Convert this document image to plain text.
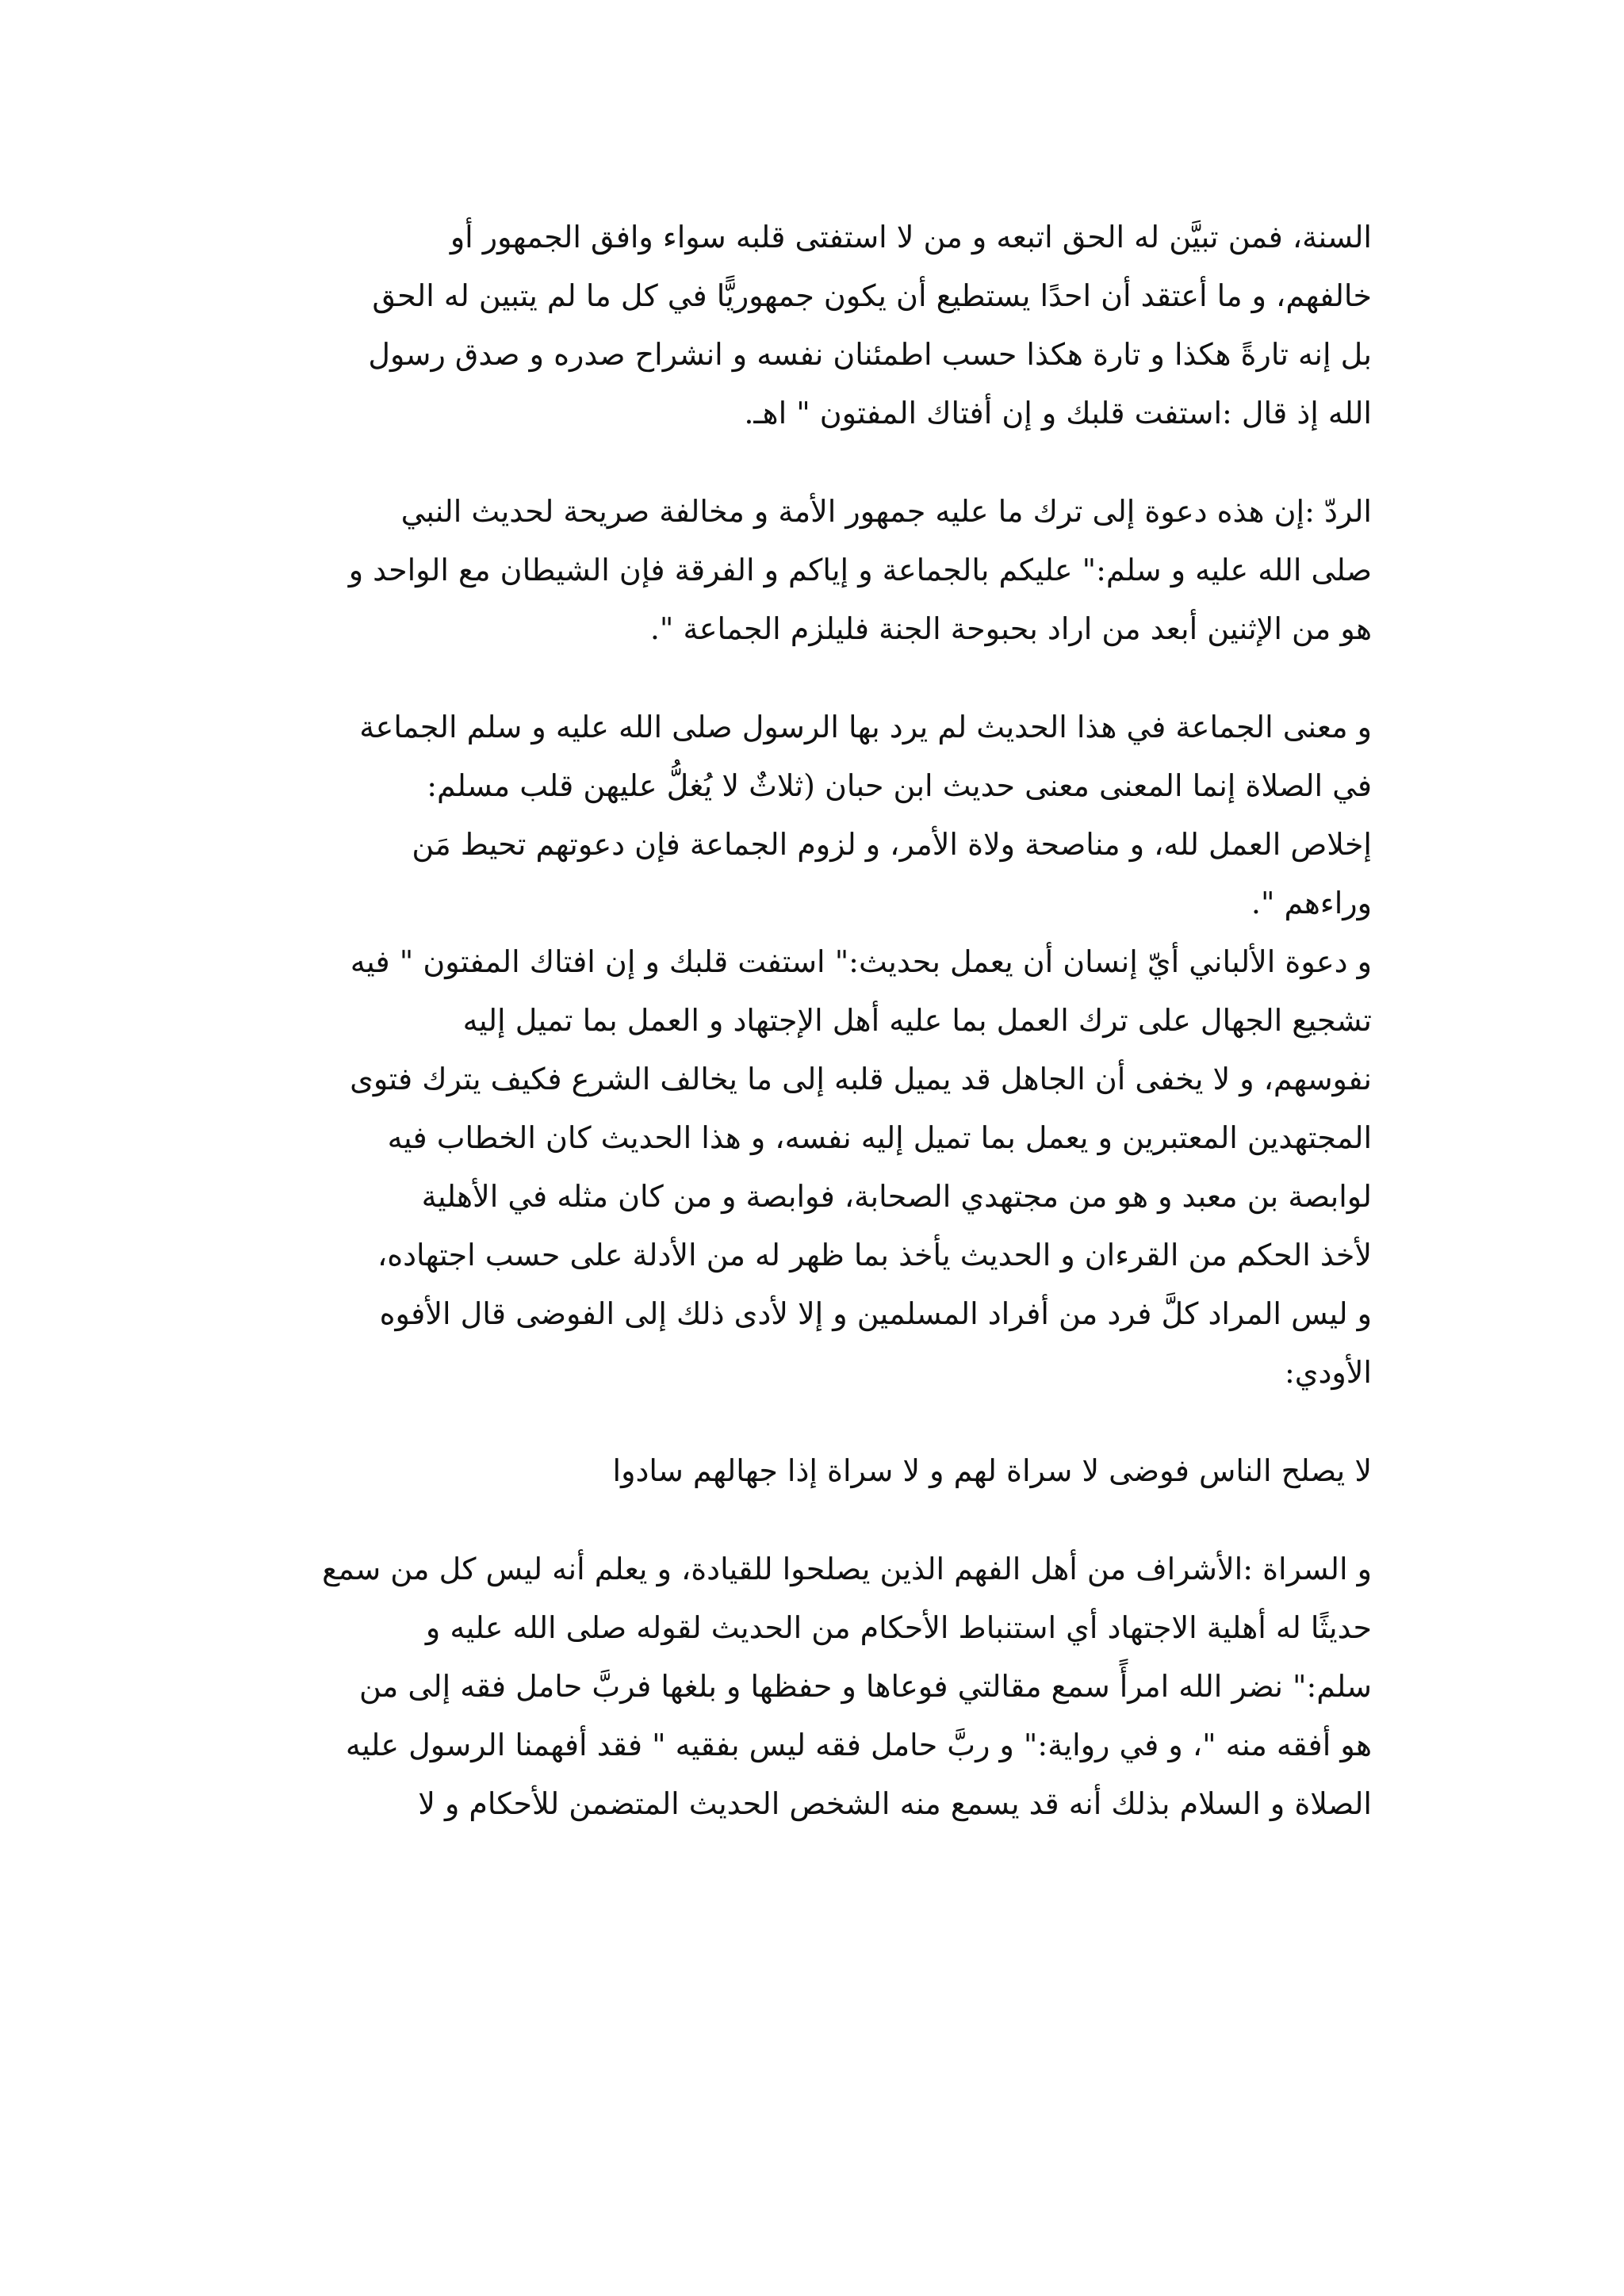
السنة، فمن تبيَّن له الحق اتبعه و من لا استفتى قلبه سواء وافق الجمهور أو
خالفهم، و ما أعتقد أن احدًا يستطيع أن يكون جمهوريًّا في كل ما لم يتبين له الحق
بل إنه تارةً هكذا و تارة هكذا حسب اطمئنان نفسه و انشراح صدره و صدق رسول
الله إذ قال :استفت قلبك و إن أفتاك المفتون " اهـ.
الردّ :إن هذه دعوة إلى ترك ما عليه جمهور الأمة و مخالفة صريحة لحديث النبي
صلى الله عليه و سلم:" عليكم بالجماعة و إياكم و الفرقة فإن الشيطان مع الواحد و
هو من الإثنين أبعد من اراد بحبوحة الجنة فليلزم الجماعة ".
و معنى الجماعة في هذا الحديث لم يرد بها الرسول صلى الله عليه و سلم الجماعة
في الصلاة إنما المعنى معنى حديث ابن حبان (ثلاثٌ لا يُغلُّ عليهن قلب مسلم:
إخلاص العمل لله، و مناصحة ولاة الأمر، و لزوم الجماعة فإن دعوتهم تحيط مَن
وراءهم ".
و دعوة الألباني أيّ إنسان أن يعمل بحديث:" استفت قلبك و إن افتاك المفتون " فيه
تشجيع الجهال على ترك العمل بما عليه أهل الإجتهاد و العمل بما تميل إليه
نفوسهم، و لا يخفى أن الجاهل قد يميل قلبه إلى ما يخالف الشرع فكيف يترك فتوى
المجتهدين المعتبرين و يعمل بما تميل إليه نفسه، و هذا الحديث كان الخطاب فيه
لوابصة بن معبد و هو من مجتهدي الصحابة، فوابصة و من كان مثله في الأهلية
لأخذ الحكم من القرءان و الحديث يأخذ بما ظهر له من الأدلة على حسب اجتهاده،
و ليس المراد كلَّ فرد من أفراد المسلمين و إلا لأدى ذلك إلى الفوضى قال الأفوه
الأودي:
لا يصلح الناس فوضى لا سراة لهم و لا سراة إذا جهالهم سادوا
و السراة :الأشراف من أهل الفهم الذين يصلحوا للقيادة، و يعلم أنه ليس كل من سمع
حديثًا له أهلية الاجتهاد أي استنباط الأحكام من الحديث لقوله صلى الله عليه و
سلم:" نضر الله امرأً سمع مقالتي فوعاها و حفظها و بلغها فربَّ حامل فقه إلى من
هو أفقه منه "، و في رواية:" و ربَّ حامل فقه ليس بفقيه " فقد أفهمنا الرسول عليه
الصلاة و السلام بذلك أنه قد يسمع منه الشخص الحديث المتضمن للأحكام و لا
